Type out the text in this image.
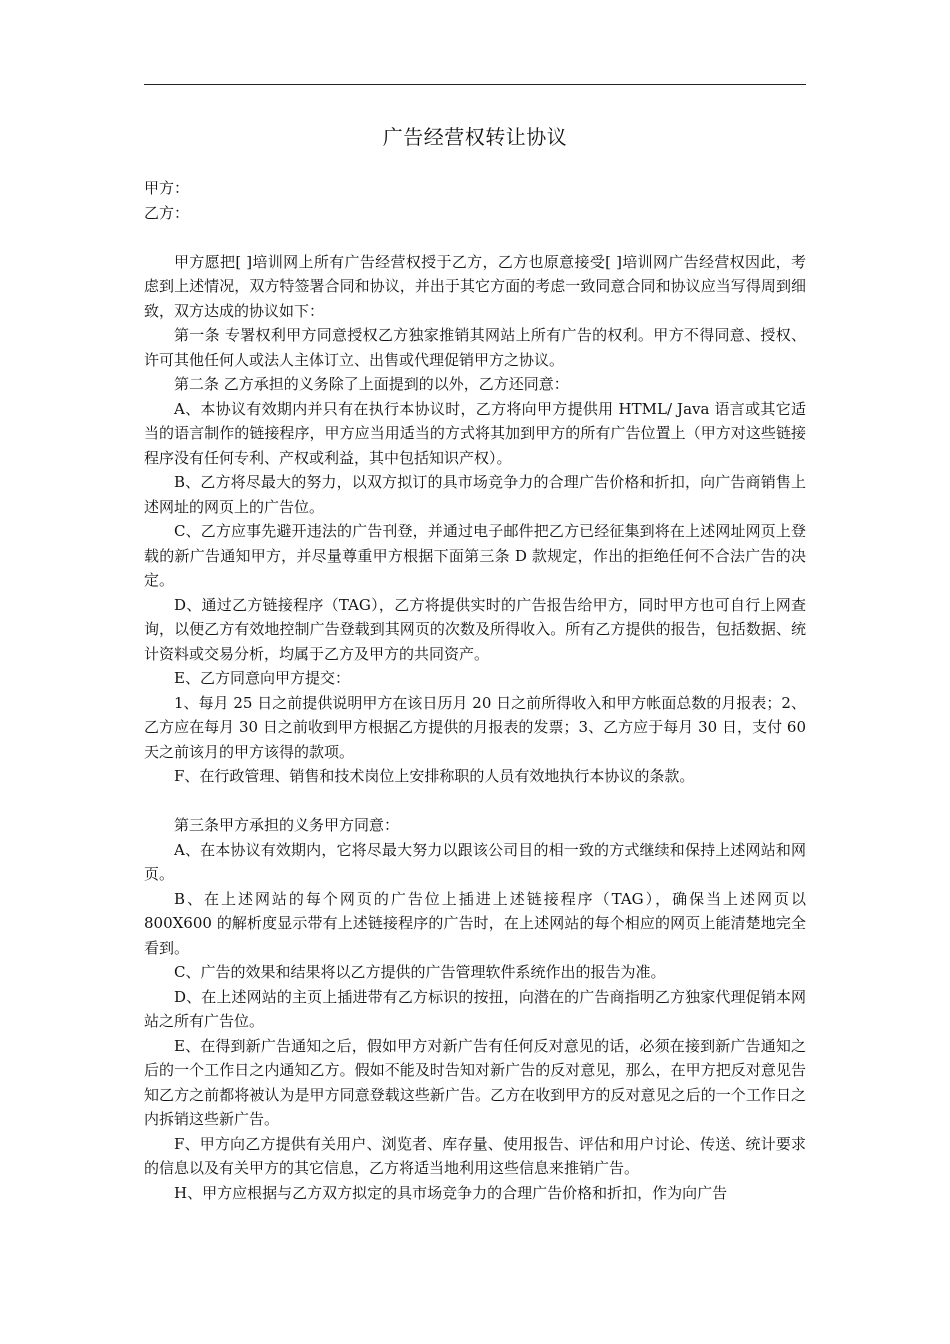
广告经营权转让协议

甲方：

乙方：

甲方愿把[ ]培训网上所有广告经营权授于乙方，乙方也原意接受[ ]培训网广告经营权因此，考虑到上述情况，双方特签署合同和协议，并出于其它方面的考虑一致同意合同和协议应当写得周到细致，双方达成的协议如下：

第一条 专署权利甲方同意授权乙方独家推销其网站上所有广告的权利。甲方不得同意、授权、许可其他任何人或法人主体订立、出售或代理促销甲方之协议。

第二条 乙方承担的义务除了上面提到的以外，乙方还同意：

A、本协议有效期内并只有在执行本协议时，乙方将向甲方提供用 HTML/ Java 语言或其它适当的语言制作的链接程序，甲方应当用适当的方式将其加到甲方的所有广告位置上（甲方对这些链接程序没有任何专利、产权或利益，其中包括知识产权）。

B、乙方将尽最大的努力，以双方拟订的具市场竞争力的合理广告价格和折扣，向广告商销售上述网址的网页上的广告位。

C、乙方应事先避开违法的广告刊登，并通过电子邮件把乙方已经征集到将在上述网址网页上登载的新广告通知甲方，并尽量尊重甲方根据下面第三条 D 款规定，作出的拒绝任何不合法广告的决定。

D、通过乙方链接程序（TAG），乙方将提供实时的广告报告给甲方，同时甲方也可自行上网查询，以便乙方有效地控制广告登载到其网页的次数及所得收入。所有乙方提供的报告，包括数据、统计资料或交易分析，均属于乙方及甲方的共同资产。

E、乙方同意向甲方提交：

1、每月 25 日之前提供说明甲方在该日历月 20 日之前所得收入和甲方帐面总数的月报表；2、乙方应在每月 30 日之前收到甲方根据乙方提供的月报表的发票；3、乙方应于每月 30 日，支付 60 天之前该月的甲方该得的款项。

F、在行政管理、销售和技术岗位上安排称职的人员有效地执行本协议的条款。

第三条甲方承担的义务甲方同意：

A、在本协议有效期内，它将尽最大努力以跟该公司目的相一致的方式继续和保持上述网站和网页。

B、在上述网站的每个网页的广告位上插进上述链接程序（TAG），确保当上述网页以 800X600 的解析度显示带有上述链接程序的广告时，在上述网站的每个相应的网页上能清楚地完全看到。

C、广告的效果和结果将以乙方提供的广告管理软件系统作出的报告为准。

D、在上述网站的主页上插进带有乙方标识的按扭，向潜在的广告商指明乙方独家代理促销本网站之所有广告位。

E、在得到新广告通知之后，假如甲方对新广告有任何反对意见的话，必须在接到新广告通知之后的一个工作日之内通知乙方。假如不能及时告知对新广告的反对意见，那么，在甲方把反对意见告知乙方之前都将被认为是甲方同意登载这些新广告。乙方在收到甲方的反对意见之后的一个工作日之内拆销这些新广告。

F、甲方向乙方提供有关用户、浏览者、库存量、使用报告、评估和用户讨论、传送、统计要求的信息以及有关甲方的其它信息，乙方将适当地利用这些信息来推销广告。

H、甲方应根据与乙方双方拟定的具市场竞争力的合理广告价格和折扣，作为向广告
